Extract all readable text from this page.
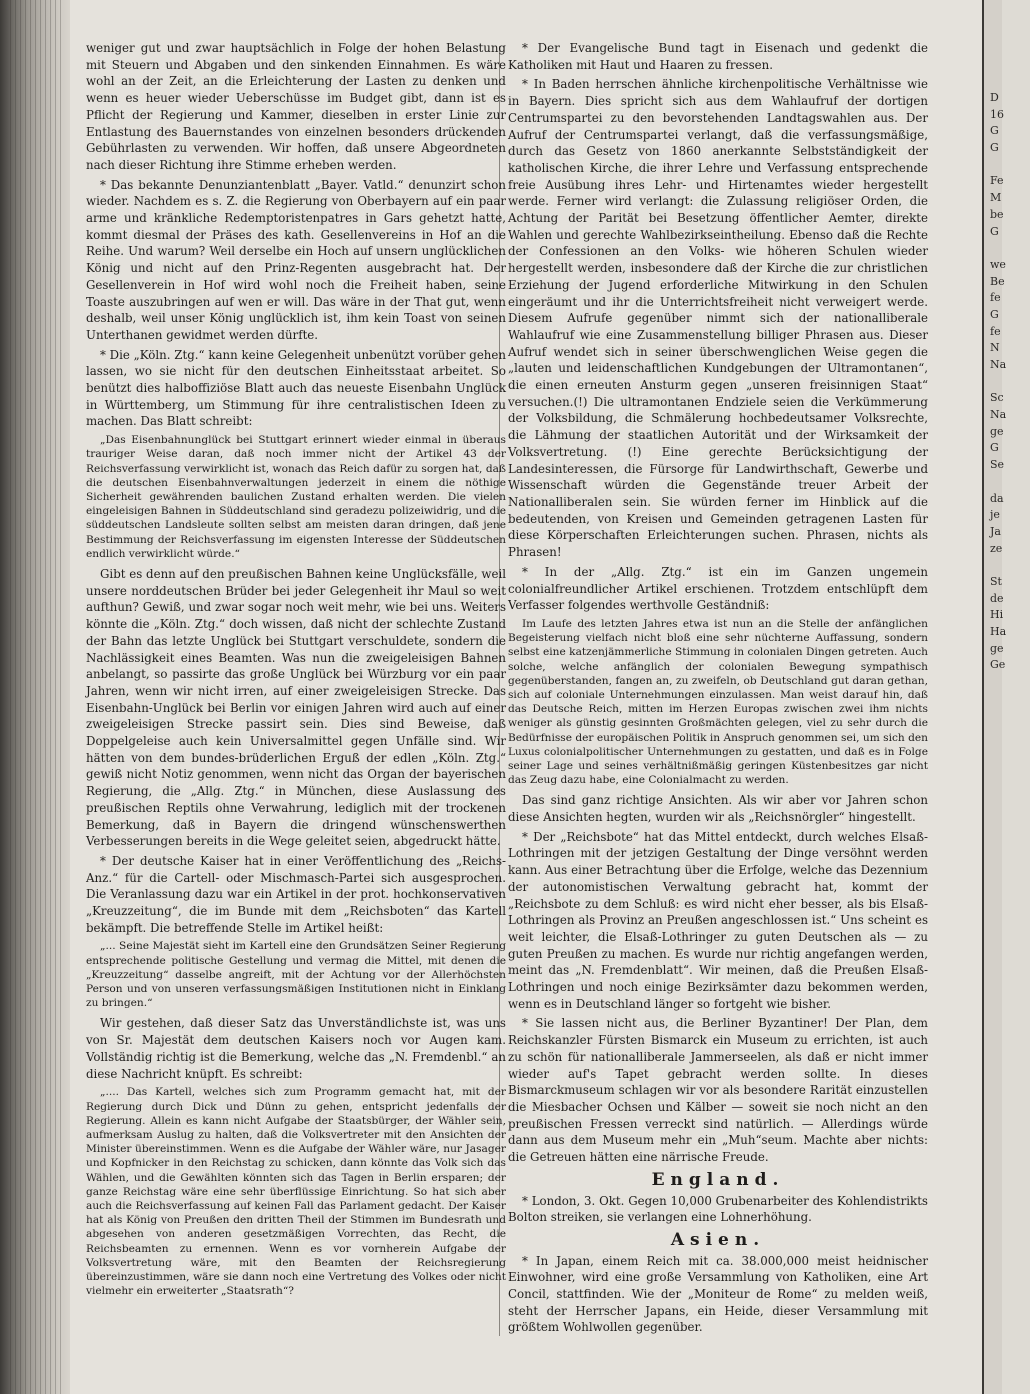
weniger gut und zwar hauptsächlich in Folge der hohen Belastung mit Steuern und Abgaben und den sinkenden Einnahmen. Es wäre wohl an der Zeit, an die Erleichterung der Lasten zu denken und wenn es heuer wieder Ueberschüsse im Budget gibt, dann ist es Pflicht der Regierung und Kammer, dieselben in erster Linie zur Entlastung des Bauernstandes von einzelnen besonders drückenden Gebührlasten zu verwenden. Wir hoffen, daß unsere Abgeordneten nach dieser Richtung ihre Stimme erheben werden.

* Das bekannte Denunziantenblatt „Bayer. Vatld.“ denunzirt schon wieder. Nachdem es s. Z. die Regierung von Oberbayern auf ein paar arme und kränkliche Redemptoristenpatres in Gars gehetzt hatte, kommt diesmal der Präses des kath. Gesellenvereins in Hof an die Reihe. Und warum? Weil derselbe ein Hoch auf unsern unglücklichen König und nicht auf den Prinz-Regenten ausgebracht hat. Der Gesellenverein in Hof wird wohl noch die Freiheit haben, seine Toaste auszubringen auf wen er will. Das wäre in der That gut, wenn deshalb, weil unser König unglücklich ist, ihm kein Toast von seinen Unterthanen gewidmet werden dürfte.

* Die „Köln. Ztg.“ kann keine Gelegenheit unbenützt vorüber gehen lassen, wo sie nicht für den deutschen Einheitsstaat arbeitet. So benützt dies halboffiziöse Blatt auch das neueste Eisenbahn Unglück in Württemberg, um Stimmung für ihre centralistischen Ideen zu machen. Das Blatt schreibt:

„Das Eisenbahnunglück bei Stuttgart erinnert wieder einmal in überaus trauriger Weise daran, daß noch immer nicht der Artikel 43 der Reichsverfassung verwirklicht ist, wonach das Reich dafür zu sorgen hat, daß die deutschen Eisenbahnverwaltungen jederzeit in einem die nöthige Sicherheit gewährenden baulichen Zustand erhalten werden. Die vielen eingeleisigen Bahnen in Süddeutschland sind geradezu polizeiwidrig, und die süddeutschen Landsleute sollten selbst am meisten daran dringen, daß jene Bestimmung der Reichsverfassung im eigensten Interesse der Süddeutschen endlich verwirklicht würde.“

Gibt es denn auf den preußischen Bahnen keine Unglücksfälle, weil unsere norddeutschen Brüder bei jeder Gelegenheit ihr Maul so weit aufthun? Gewiß, und zwar sogar noch weit mehr, wie bei uns. Weiters könnte die „Köln. Ztg.“ doch wissen, daß nicht der schlechte Zustand der Bahn das letzte Unglück bei Stuttgart verschuldete, sondern die Nachlässigkeit eines Beamten. Was nun die zweigeleisigen Bahnen anbelangt, so passirte das große Unglück bei Würzburg vor ein paar Jahren, wenn wir nicht irren, auf einer zweigeleisigen Strecke. Das Eisenbahn-Unglück bei Berlin vor einigen Jahren wird auch auf einer zweigeleisigen Strecke passirt sein. Dies sind Beweise, daß Doppelgeleise auch kein Universalmittel gegen Unfälle sind. Wir hätten von dem bundes-brüderlichen Erguß der edlen „Köln. Ztg.“ gewiß nicht Notiz genommen, wenn nicht das Organ der bayerischen Regierung, die „Allg. Ztg.“ in München, diese Auslassung des preußischen Reptils ohne Verwahrung, lediglich mit der trockenen Bemerkung, daß in Bayern die dringend wünschenswerthen Verbesserungen bereits in die Wege geleitet seien, abgedruckt hätte.

* Der deutsche Kaiser hat in einer Veröffentlichung des „Reichs-Anz.“ für die Cartell- oder Mischmasch-Partei sich ausgesprochen. Die Veranlassung dazu war ein Artikel in der prot. hochkonservativen „Kreuzzeitung“, die im Bunde mit dem „Reichsboten“ das Kartell bekämpft. Die betreffende Stelle im Artikel heißt:

„... Seine Majestät sieht im Kartell eine den Grundsätzen Seiner Regierung entsprechende politische Gestellung und vermag die Mittel, mit denen die „Kreuzzeitung“ dasselbe angreift, mit der Achtung vor der Allerhöchsten Person und von unseren verfassungsmäßigen Institutionen nicht in Einklang zu bringen.“

Wir gestehen, daß dieser Satz das Unverständlichste ist, was uns von Sr. Majestät dem deutschen Kaisers noch vor Augen kam. Vollständig richtig ist die Bemerkung, welche das „N. Fremdenbl.“ an diese Nachricht knüpft. Es schreibt:

„.... Das Kartell, welches sich zum Programm gemacht hat, mit der Regierung durch Dick und Dünn zu gehen, entspricht jedenfalls der Regierung. Allein es kann nicht Aufgabe der Staatsbürger, der Wähler sein, aufmerksam Auslug zu halten, daß die Volksvertreter mit den Ansichten der Minister übereinstimmen. Wenn es die Aufgabe der Wähler wäre, nur Jasager und Kopfnicker in den Reichstag zu schicken, dann könnte das Volk sich das Wählen, und die Gewählten könnten sich das Tagen in Berlin ersparen; der ganze Reichstag wäre eine sehr überflüssige Einrichtung. So hat sich aber auch die Reichsverfassung auf keinen Fall das Parlament gedacht. Der Kaiser hat als König von Preußen den dritten Theil der Stimmen im Bundesrath und abgesehen von anderen gesetzmäßigen Vorrechten, das Recht, die Reichsbeamten zu ernennen. Wenn es vor vornherein Aufgabe der Volksvertretung wäre, mit den Beamten der Reichsregierung übereinzustimmen, wäre sie dann noch eine Vertretung des Volkes oder nicht vielmehr ein erweiterter „Staatsrath“?

* Der Evangelische Bund tagt in Eisenach und gedenkt die Katholiken mit Haut und Haaren zu fressen.

* In Baden herrschen ähnliche kirchenpolitische Verhältnisse wie in Bayern. Dies spricht sich aus dem Wahlaufruf der dortigen Centrumspartei zu den bevorstehenden Landtagswahlen aus. Der Aufruf der Centrumspartei verlangt, daß die verfassungsmäßige, durch das Gesetz von 1860 anerkannte Selbstständigkeit der katholischen Kirche, die ihrer Lehre und Verfassung entsprechende freie Ausübung ihres Lehr- und Hirtenamtes wieder hergestellt werde. Ferner wird verlangt: die Zulassung religiöser Orden, die Achtung der Parität bei Besetzung öffentlicher Aemter, direkte Wahlen und gerechte Wahlbezirkseintheilung. Ebenso daß die Rechte der Confessionen an den Volks- wie höheren Schulen wieder hergestellt werden, insbesondere daß der Kirche die zur christlichen Erziehung der Jugend erforderliche Mitwirkung in den Schulen eingeräumt und ihr die Unterrichtsfreiheit nicht verweigert werde. Diesem Aufrufe gegenüber nimmt sich der nationalliberale Wahlaufruf wie eine Zusammenstellung billiger Phrasen aus. Dieser Aufruf wendet sich in seiner überschwenglichen Weise gegen die „lauten und leidenschaftlichen Kundgebungen der Ultramontanen“, die einen erneuten Ansturm gegen „unseren freisinnigen Staat“ versuchen.(!) Die ultramontanen Endziele seien die Verkümmerung der Volksbildung, die Schmälerung hochbedeutsamer Volksrechte, die Lähmung der staatlichen Autorität und der Wirksamkeit der Volksvertretung. (!) Eine gerechte Berücksichtigung der Landesinteressen, die Fürsorge für Landwirthschaft, Gewerbe und Wissenschaft würden die Gegenstände treuer Arbeit der Nationalliberalen sein. Sie würden ferner im Hinblick auf die bedeutenden, von Kreisen und Gemeinden getragenen Lasten für diese Körperschaften Erleichterungen suchen. Phrasen, nichts als Phrasen!

* In der „Allg. Ztg.“ ist ein im Ganzen ungemein colonialfreundlicher Artikel erschienen. Trotzdem entschlüpft dem Verfasser folgendes werthvolle Geständniß:

Im Laufe des letzten Jahres etwa ist nun an die Stelle der anfänglichen Begeisterung vielfach nicht bloß eine sehr nüchterne Auffassung, sondern selbst eine katzenjämmerliche Stimmung in colonialen Dingen getreten. Auch solche, welche anfänglich der colonialen Bewegung sympathisch gegenüberstanden, fangen an, zu zweifeln, ob Deutschland gut daran gethan, sich auf coloniale Unternehmungen einzulassen. Man weist darauf hin, daß das Deutsche Reich, mitten im Herzen Europas zwischen zwei ihm nichts weniger als günstig gesinnten Großmächten gelegen, viel zu sehr durch die Bedürfnisse der europäischen Politik in Anspruch genommen sei, um sich den Luxus colonialpolitischer Unternehmungen zu gestatten, und daß es in Folge seiner Lage und seines verhältnißmäßig geringen Küstenbesitzes gar nicht das Zeug dazu habe, eine Colonialmacht zu werden.

Das sind ganz richtige Ansichten. Als wir aber vor Jahren schon diese Ansichten hegten, wurden wir als „Reichsnörgler“ hingestellt.

* Der „Reichsbote“ hat das Mittel entdeckt, durch welches Elsaß-Lothringen mit der jetzigen Gestaltung der Dinge versöhnt werden kann. Aus einer Betrachtung über die Erfolge, welche das Dezennium der autonomistischen Verwaltung gebracht hat, kommt der „Reichsbote zu dem Schluß: es wird nicht eher besser, als bis Elsaß-Lothringen als Provinz an Preußen angeschlossen ist.“ Uns scheint es weit leichter, die Elsaß-Lothringer zu guten Deutschen als — zu guten Preußen zu machen. Es wurde nur richtig angefangen werden, meint das „N. Fremdenblatt“. Wir meinen, daß die Preußen Elsaß-Lothringen und noch einige Bezirksämter dazu bekommen werden, wenn es in Deutschland länger so fortgeht wie bisher.

* Sie lassen nicht aus, die Berliner Byzantiner! Der Plan, dem Reichskanzler Fürsten Bismarck ein Museum zu errichten, ist auch zu schön für nationalliberale Jammerseelen, als daß er nicht immer wieder auf's Tapet gebracht werden sollte. In dieses Bismarckmuseum schlagen wir vor als besondere Rarität einzustellen die Miesbacher Ochsen und Kälber — soweit sie noch nicht an den preußischen Fressen verreckt sind natürlich. — Allerdings würde dann aus dem Museum mehr ein „Muh“seum. Machte aber nichts: die Getreuen hätten eine närrische Freude.

England.

* London, 3. Okt. Gegen 10,000 Grubenarbeiter des Kohlendistrikts Bolton streiken, sie verlangen eine Lohnerhöhung.

Asien.

* In Japan, einem Reich mit ca. 38.000,000 meist heidnischer Einwohner, wird eine große Versammlung von Katholiken, eine Art Concil, stattfinden. Wie der „Moniteur de Rome“ zu melden weiß, steht der Herrscher Japans, ein Heide, dieser Versammlung mit größtem Wohlwollen gegenüber.

D
16
G
G
Fe
M
be
G
we
Be
fe
G
fe
N
Na
Sc
Na
ge
G
Se
da
je
Ja
ze
St
de
Hi
Ha
ge
Ge
